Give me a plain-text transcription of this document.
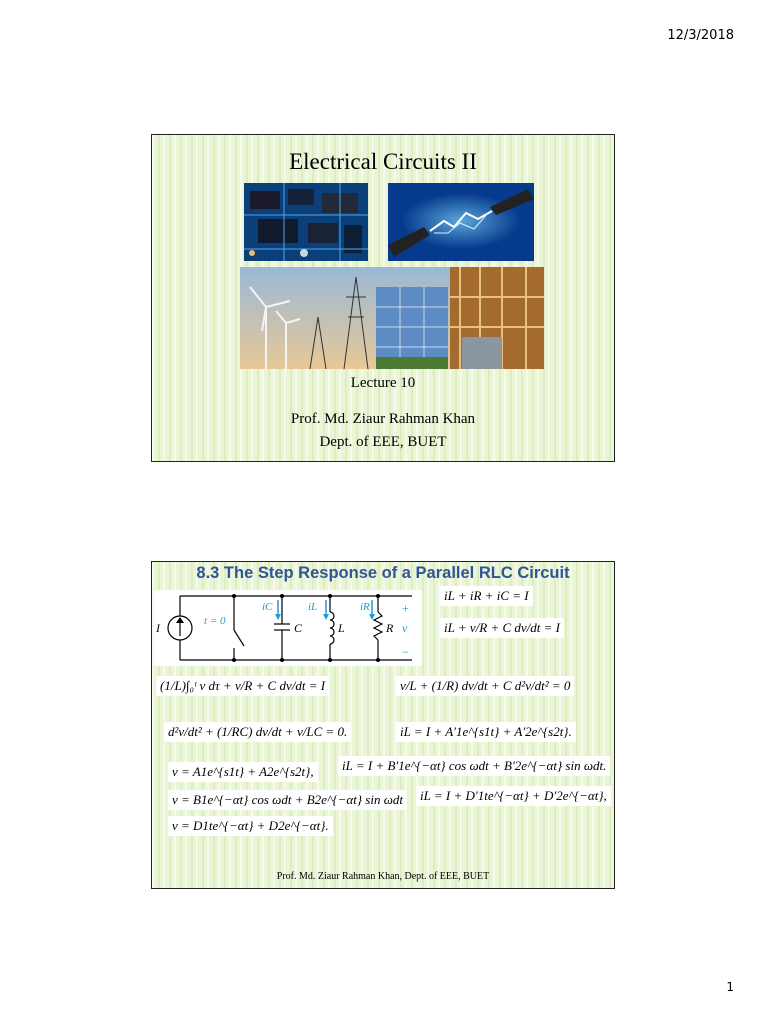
12/3/2018
Electrical Circuits II
Lecture 10
Prof. Md. Ziaur Rahman Khan
Dept. of EEE, BUET
8.3 The Step Response of a Parallel RLC Circuit
I	t = 0
iC	iL	iR
C	L	R
+
v
−
iL + iR + iC = I
iL + v/R + C dv/dt = I
(1/L)∫₀ᵗ v dτ + v/R + C dv/dt = I	v/L + (1/R) dv/dt + C d²v/dt² = 0
d²v/dt² + (1/RC) dv/dt + v/LC = 0.	iL = I + A′1e^{s1t} + A′2e^{s2t}.
v = A1e^{s1t} + A2e^{s2t},	iL = I + B′1e^{−αt} cos ωdt + B′2e^{−αt} sin ωdt.
v = B1e^{−αt} cos ωdt + B2e^{−αt} sin ωdt	iL = I + D′1te^{−αt} + D′2e^{−αt},
v = D1te^{−αt} + D2e^{−αt}.
Prof. Md. Ziaur Rahman Khan, Dept. of EEE, BUET
1
